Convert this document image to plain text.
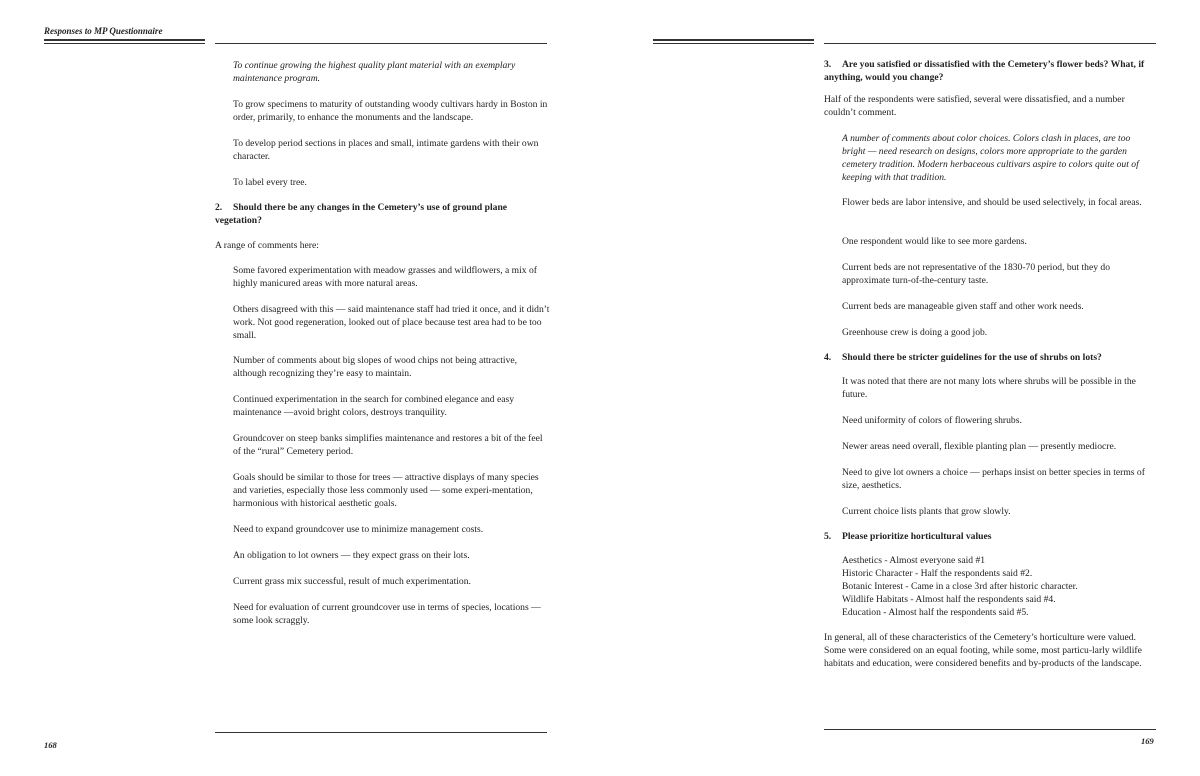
Responses to MP Questionnaire
To continue growing the highest quality plant material with an exemplary maintenance program.
To grow specimens to maturity of outstanding woody cultivars hardy in Boston in order, primarily, to enhance the monuments and the landscape.
To develop period sections in places and small, intimate gardens with their own character.
To label every tree.
2. Should there be any changes in the Cemetery’s use of ground plane vegetation?
A range of comments here:
Some favored experimentation with meadow grasses and wildflowers, a mix of highly manicured areas with more natural areas.
Others disagreed with this — said maintenance staff had tried it once, and it didn’t work. Not good regeneration, looked out of place because test area had to be too small.
Number of comments about big slopes of wood chips not being attractive, although recognizing they’re easy to maintain.
Continued experimentation in the search for combined elegance and easy maintenance —avoid bright colors, destroys tranquility.
Groundcover on steep banks simplifies maintenance and restores a bit of the feel of the “rural” Cemetery period.
Goals should be similar to those for trees — attractive displays of many species and varieties, especially those less commonly used — some experi-mentation, harmonious with historical aesthetic goals.
Need to expand groundcover use to minimize management costs.
An obligation to lot owners — they expect grass on their lots.
Current grass mix successful, result of much experimentation.
Need for evaluation of current groundcover use in terms of species, locations — some look scraggly.
168
3. Are you satisfied or dissatisfied with the Cemetery’s flower beds? What, if anything, would you change?
Half of the respondents were satisfied, several were dissatisfied, and a number couldn’t comment.
A number of comments about color choices. Colors clash in places, are too bright — need research on designs, colors more appropriate to the garden cemetery tradition. Modern herbaceous cultivars aspire to colors quite out of keeping with that tradition.
Flower beds are labor intensive, and should be used selectively, in focal areas.
One respondent would like to see more gardens.
Current beds are not representative of the 1830-70 period, but they do approximate turn-of-the-century taste.
Current beds are manageable given staff and other work needs.
Greenhouse crew is doing a good job.
4. Should there be stricter guidelines for the use of shrubs on lots?
It was noted that there are not many lots where shrubs will be possible in the future.
Need uniformity of colors of flowering shrubs.
Newer areas need overall, flexible planting plan — presently mediocre.
Need to give lot owners a choice — perhaps insist on better species in terms of size, aesthetics.
Current choice lists plants that grow slowly.
5. Please prioritize horticultural values
Aesthetics - Almost everyone said #1
Historic Character - Half the respondents said #2.
Botanic Interest - Came in a close 3rd after historic character.
Wildlife Habitats - Almost half the respondents said #4.
Education - Almost half the respondents said #5.
In general, all of these characteristics of the Cemetery’s horticulture were valued. Some were considered on an equal footing, while some, most particu-larly wildlife habitats and education, were considered benefits and by-products of the landscape.
169
